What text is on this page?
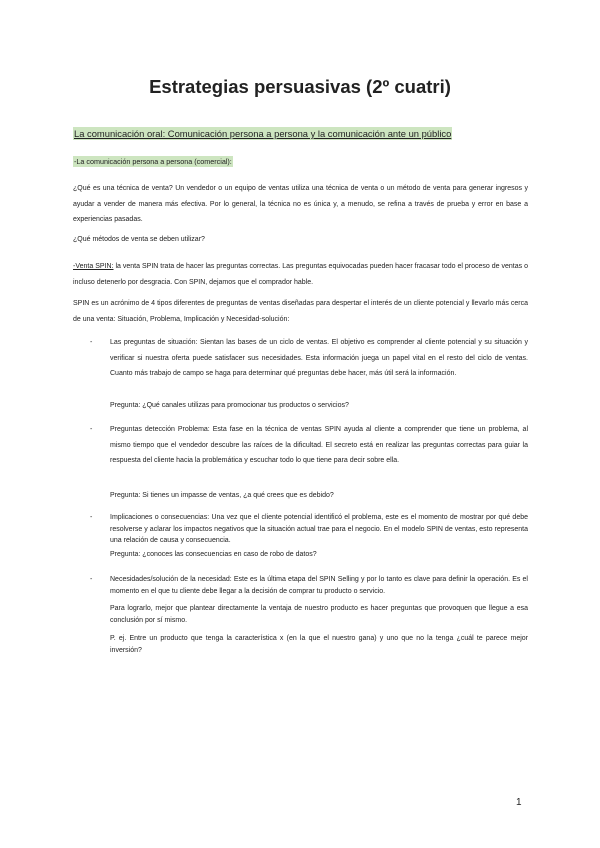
Estrategias persuasivas (2º cuatri)
La comunicación oral: Comunicación persona a persona y la comunicación ante un público
-La comunicación persona a persona (comercial):
¿Qué es una técnica de venta? Un vendedor o un equipo de ventas utiliza una técnica de venta o un método de venta para generar ingresos y ayudar a vender de manera más efectiva. Por lo general, la técnica no es única y, a menudo, se refina a través de prueba y error en base a experiencias pasadas.
¿Qué métodos de venta se deben utilizar?
-Venta SPIN: la venta SPIN trata de hacer las preguntas correctas. Las preguntas equivocadas pueden hacer fracasar todo el proceso de ventas o incluso detenerlo por desgracia. Con SPIN, dejamos que el comprador hable.
SPIN es un acrónimo de 4 tipos diferentes de preguntas de ventas diseñadas para despertar el interés de un cliente potencial y llevarlo más cerca de una venta: Situación, Problema, Implicación y Necesidad-solución:
-	Las preguntas de situación: Sientan las bases de un ciclo de ventas. El objetivo es comprender al cliente potencial y su situación y verificar si nuestra oferta puede satisfacer sus necesidades. Esta información juega un papel vital en el resto del ciclo de ventas. Cuanto más trabajo de campo se haga para determinar qué preguntas debe hacer, más útil será la información.
Pregunta: ¿Qué canales utilizas para promocionar tus productos o servicios?
-	Preguntas detección Problema: Esta fase en la técnica de ventas SPIN ayuda al cliente a comprender que tiene un problema, al mismo tiempo que el vendedor descubre las raíces de la dificultad. El secreto está en realizar las preguntas correctas para guiar la respuesta del cliente hacia la problemática y escuchar todo lo que tiene para decir sobre ella.
Pregunta: Si tienes un impasse de ventas, ¿a qué crees que es debido?
-	Implicaciones o consecuencias: Una vez que el cliente potencial identificó el problema, este es el momento de mostrar por qué debe resolverse y aclarar los impactos negativos que la situación actual trae para el negocio. En el modelo SPIN de ventas, esto representa una relación de causa y consecuencia.
Pregunta: ¿conoces las consecuencias en caso de robo de datos?
-	Necesidades/solución de la necesidad: Este es la última etapa del SPIN Selling y por lo tanto es clave para definir la operación. Es el momento en el que tu cliente debe llegar a la decisión de comprar tu producto o servicio.
Para lograrlo, mejor que plantear directamente la ventaja de nuestro producto es hacer preguntas que provoquen que llegue a esa conclusión por sí mismo.
P. ej. Entre un producto que tenga la característica x (en la que el nuestro gana) y uno que no la tenga ¿cuál te parece mejor inversión?
1
